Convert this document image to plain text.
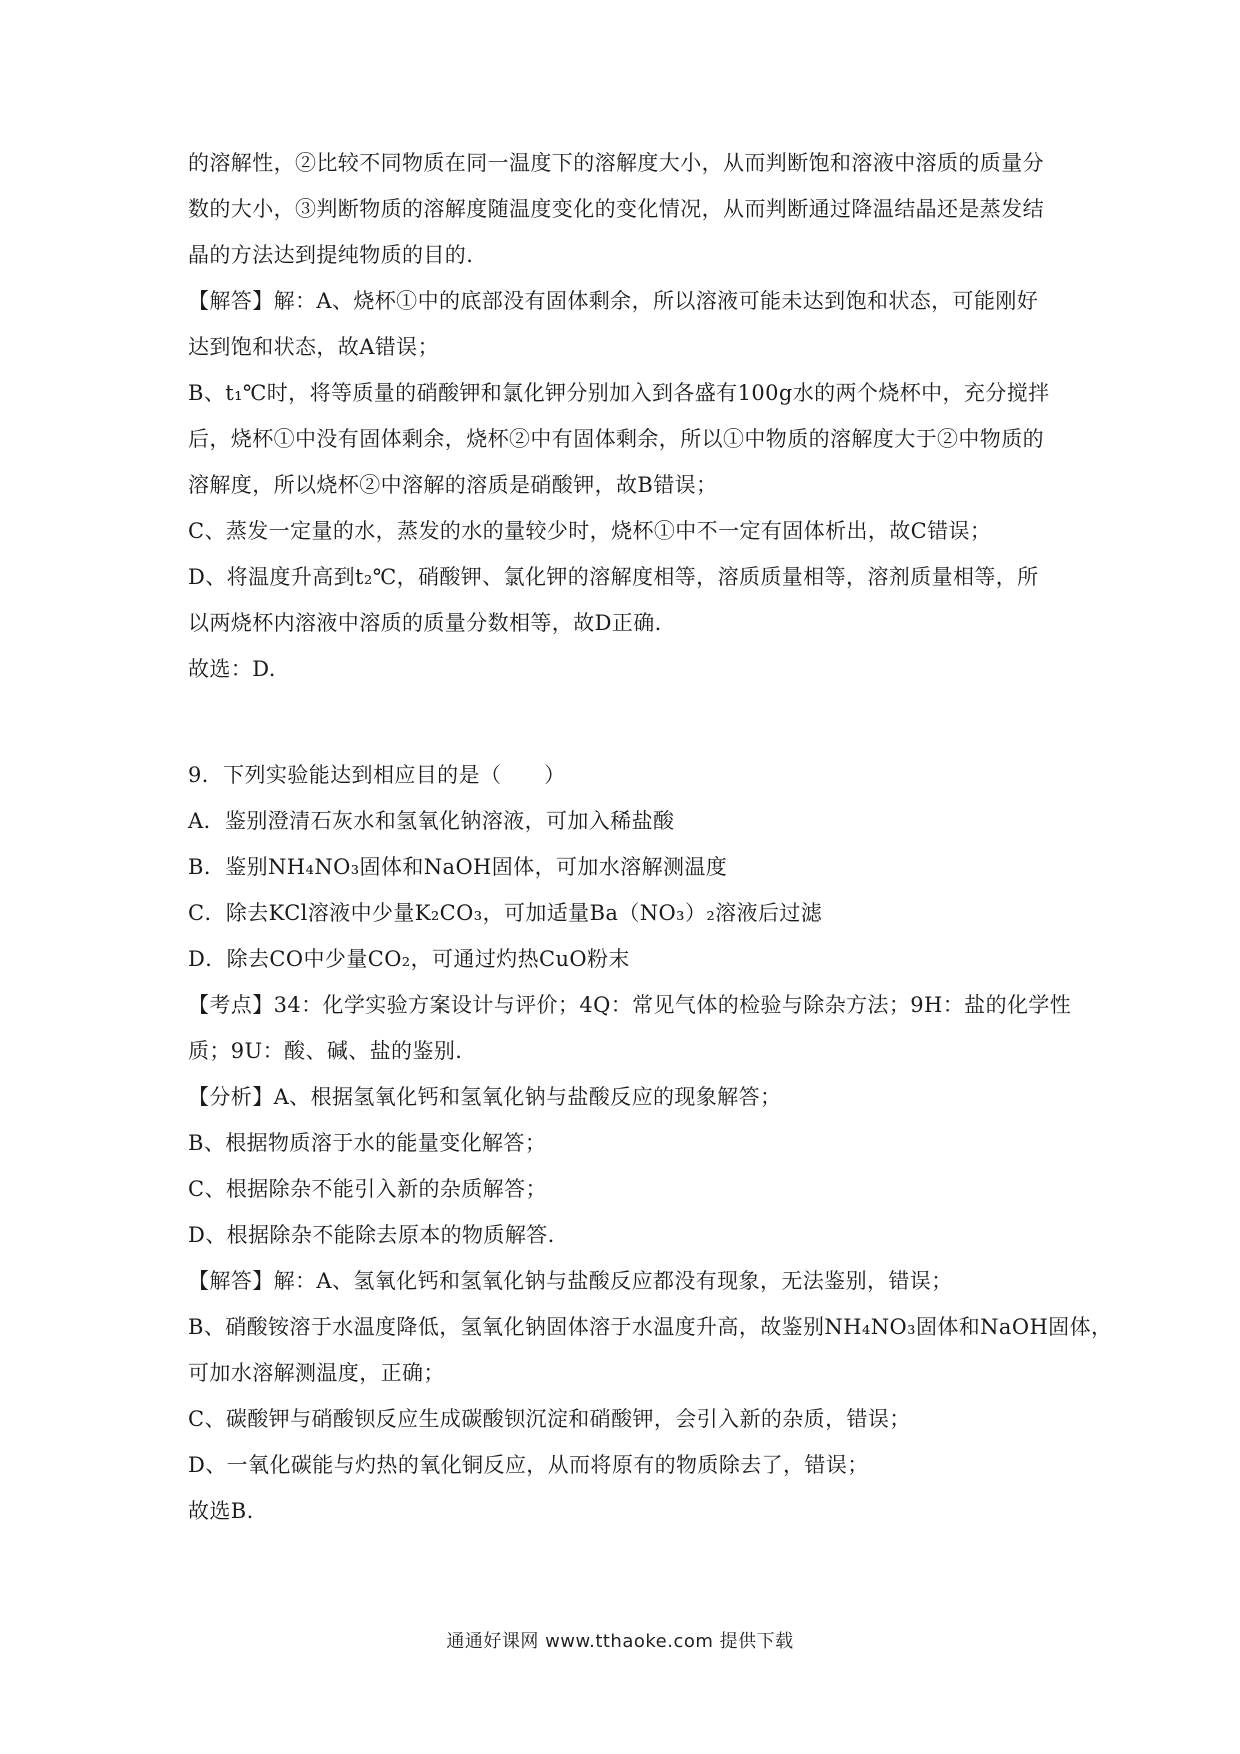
的溶解性，②比较不同物质在同一温度下的溶解度大小，从而判断饱和溶液中溶质的质量分
数的大小，③判断物质的溶解度随温度变化的变化情况，从而判断通过降温结晶还是蒸发结
晶的方法达到提纯物质的目的.
【解答】解：A、烧杯①中的底部没有固体剩余，所以溶液可能未达到饱和状态，可能刚好
达到饱和状态，故A错误；
B、t₁℃时，将等质量的硝酸钾和氯化钾分别加入到各盛有100g水的两个烧杯中，充分搅拌
后，烧杯①中没有固体剩余，烧杯②中有固体剩余，所以①中物质的溶解度大于②中物质的
溶解度，所以烧杯②中溶解的溶质是硝酸钾，故B错误；
C、蒸发一定量的水，蒸发的水的量较少时，烧杯①中不一定有固体析出，故C错误；
D、将温度升高到t₂℃，硝酸钾、氯化钾的溶解度相等，溶质质量相等，溶剂质量相等，所
以两烧杯内溶液中溶质的质量分数相等，故D正确.
故选：D.
9．下列实验能达到相应目的是（　　）
A．鉴别澄清石灰水和氢氧化钠溶液，可加入稀盐酸
B．鉴别NH₄NO₃固体和NaOH固体，可加水溶解测温度
C．除去KCl溶液中少量K₂CO₃，可加适量Ba（NO₃）₂溶液后过滤
D．除去CO中少量CO₂，可通过灼热CuO粉末
【考点】34：化学实验方案设计与评价；4Q：常见气体的检验与除杂方法；9H：盐的化学性
质；9U：酸、碱、盐的鉴别.
【分析】A、根据氢氧化钙和氢氧化钠与盐酸反应的现象解答；
B、根据物质溶于水的能量变化解答；
C、根据除杂不能引入新的杂质解答；
D、根据除杂不能除去原本的物质解答.
【解答】解：A、氢氧化钙和氢氧化钠与盐酸反应都没有现象，无法鉴别，错误；
B、硝酸铵溶于水温度降低，氢氧化钠固体溶于水温度升高，故鉴别NH₄NO₃固体和NaOH固体，
可加水溶解测温度，正确；
C、碳酸钾与硝酸钡反应生成碳酸钡沉淀和硝酸钾，会引入新的杂质，错误；
D、一氧化碳能与灼热的氧化铜反应，从而将原有的物质除去了，错误；
故选B.
通通好课网 www.tthaoke.com 提供下载
